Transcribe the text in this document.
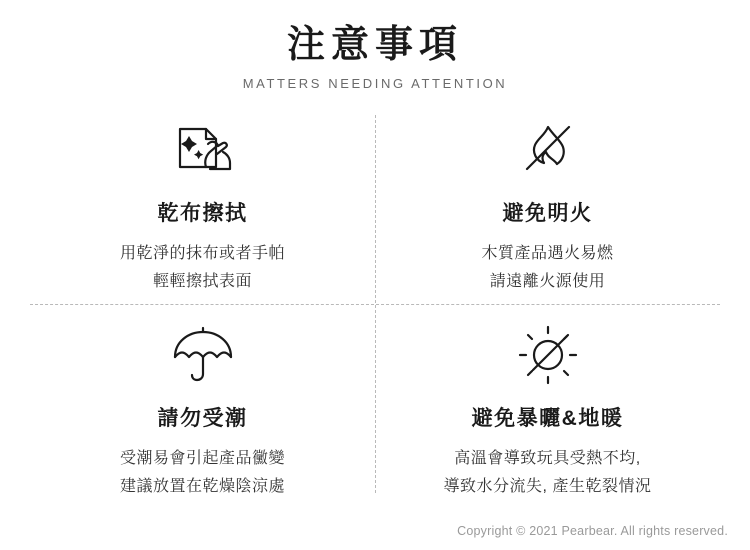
注意事項
MATTERS NEEDING ATTENTION
乾布擦拭
用乾淨的抹布或者手帕
輕輕擦拭表面
避免明火
木質產品遇火易燃
請遠離火源使用
請勿受潮
受潮易會引起產品黴變
建議放置在乾燥陰涼處
避免暴曬&地暖
高溫會導致玩具受熱不均,
導致水分流失, 產生乾裂情況
Copyright © 2021 Pearbear. All rights reserved.
